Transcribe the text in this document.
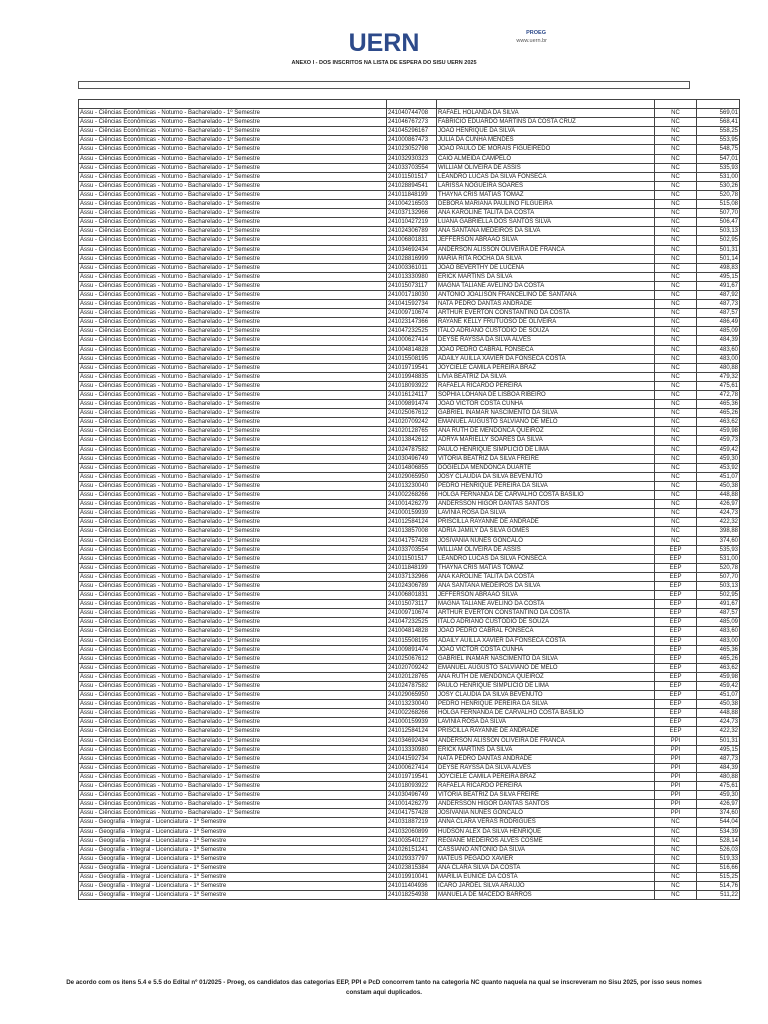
UERN	PROEG
www.uern.br
ANEXO I - DOS INSCRITOS NA LISTA DE ESPERA DO SISU UERN 2025

Assu - Ciências Econômicas - Noturno - Bacharelado - 1º Semestre	241040744708	RAFAEL HOLANDA DA SILVA	NC	569,01
Assu - Ciências Econômicas - Noturno - Bacharelado - 1º Semestre	241046767273	FABRICIO EDUARDO MARTINS DA COSTA CRUZ	NC	568,41
Assu - Ciências Econômicas - Noturno - Bacharelado - 1º Semestre	241045296167	JOAO HENRIQUE DA SILVA	NC	558,25
Assu - Ciências Econômicas - Noturno - Bacharelado - 1º Semestre	241000867473	JULIA DA CUNHA MENDES	NC	553,95
Assu - Ciências Econômicas - Noturno - Bacharelado - 1º Semestre	241023052798	JOAO PAULO DE MORAIS FIGUEIREDO	NC	548,75
Assu - Ciências Econômicas - Noturno - Bacharelado - 1º Semestre	241032930323	CAIO ALMEIDA CAMPELO	NC	547,01
Assu - Ciências Econômicas - Noturno - Bacharelado - 1º Semestre	241033703554	WILLIAM OLIVEIRA DE ASSIS	NC	535,93
Assu - Ciências Econômicas - Noturno - Bacharelado - 1º Semestre	241011501517	LEANDRO LUCAS DA SILVA FONSECA	NC	531,00
Assu - Ciências Econômicas - Noturno - Bacharelado - 1º Semestre	241028894541	LARISSA NOGUEIRA SOARES	NC	530,26
Assu - Ciências Econômicas - Noturno - Bacharelado - 1º Semestre	241011848199	THAYNA CRIS MATIAS TOMAZ	NC	520,78
Assu - Ciências Econômicas - Noturno - Bacharelado - 1º Semestre	241004216503	DEBORA MARIANA PAULINO FILGUEIRA	NC	515,08
Assu - Ciências Econômicas - Noturno - Bacharelado - 1º Semestre	241037132966	ANA KAROLINE TALITA DA COSTA	NC	507,70
Assu - Ciências Econômicas - Noturno - Bacharelado - 1º Semestre	241010427219	LUANA GABRIELLA DOS SANTOS SILVA	NC	506,47
Assu - Ciências Econômicas - Noturno - Bacharelado - 1º Semestre	241024306789	ANA SANTANA MEDEIROS DA SILVA	NC	503,13
Assu - Ciências Econômicas - Noturno - Bacharelado - 1º Semestre	241006801831	JEFFERSON ABRAAO SILVA	NC	502,95
Assu - Ciências Econômicas - Noturno - Bacharelado - 1º Semestre	241034692434	ANDERSON ALISSON OLIVEIRA DE FRANCA	NC	501,31
Assu - Ciências Econômicas - Noturno - Bacharelado - 1º Semestre	241028816999	MARIA RITA ROCHA DA SILVA	NC	501,14
Assu - Ciências Econômicas - Noturno - Bacharelado - 1º Semestre	241003361011	JOAO BEVERTHY DE LUCENA	NC	498,83
Assu - Ciências Econômicas - Noturno - Bacharelado - 1º Semestre	241013330980	ERICK MARTINS DA SILVA	NC	495,15
Assu - Ciências Econômicas - Noturno - Bacharelado - 1º Semestre	241015073117	MAGNA TALIANE AVELINO DA COSTA	NC	491,67
Assu - Ciências Econômicas - Noturno - Bacharelado - 1º Semestre	241001718030	ANTONIO JOALISON FRANCELINO DE SANTANA	NC	487,92
Assu - Ciências Econômicas - Noturno - Bacharelado - 1º Semestre	241041592734	NATA PEDRO DANTAS ANDRADE	NC	487,73
Assu - Ciências Econômicas - Noturno - Bacharelado - 1º Semestre	241009710674	ARTHUR EVERTON CONSTANTINO DA COSTA	NC	487,57
Assu - Ciências Econômicas - Noturno - Bacharelado - 1º Semestre	241023147366	RAYANE KELLY FRUTUOSO DE OLIVEIRA	NC	486,49
Assu - Ciências Econômicas - Noturno - Bacharelado - 1º Semestre	241047232525	ITALO ADRIANO CUSTODIO DE SOUZA	NC	485,09
Assu - Ciências Econômicas - Noturno - Bacharelado - 1º Semestre	241000627414	DEYSE RAYSSA DA SILVA ALVES	NC	484,39
Assu - Ciências Econômicas - Noturno - Bacharelado - 1º Semestre	241004814828	JOAO PEDRO CABRAL FONSECA	NC	483,60
Assu - Ciências Econômicas - Noturno - Bacharelado - 1º Semestre	241015508195	ADAILY AUILLA XAVIER DA FONSECA COSTA	NC	483,00
Assu - Ciências Econômicas - Noturno - Bacharelado - 1º Semestre	241019719541	JOYCIELE CAMILA PEREIRA BRAZ	NC	480,88
Assu - Ciências Econômicas - Noturno - Bacharelado - 1º Semestre	241019948835	LIVIA BEATRIZ DA SILVA	NC	479,32
Assu - Ciências Econômicas - Noturno - Bacharelado - 1º Semestre	241018093922	RAFAELA RICARDO PEREIRA	NC	475,61
Assu - Ciências Econômicas - Noturno - Bacharelado - 1º Semestre	241016124117	SOPHIA LOHANA DE LISBOA RIBEIRO	NC	472,78
Assu - Ciências Econômicas - Noturno - Bacharelado - 1º Semestre	241009891474	JOAO VICTOR COSTA CUNHA	NC	465,36
Assu - Ciências Econômicas - Noturno - Bacharelado - 1º Semestre	241025067612	GABRIEL INAMAR NASCIMENTO DA SILVA	NC	465,26
Assu - Ciências Econômicas - Noturno - Bacharelado - 1º Semestre	241020709242	EMANUEL AUGUSTO SALVIANO DE MELO	NC	463,62
Assu - Ciências Econômicas - Noturno - Bacharelado - 1º Semestre	241020128765	ANA RUTH DE MENDONCA QUEIROZ	NC	459,98
Assu - Ciências Econômicas - Noturno - Bacharelado - 1º Semestre	241013842612	ADRYA MARIELLY SOARES DA SILVA	NC	459,73
Assu - Ciências Econômicas - Noturno - Bacharelado - 1º Semestre	241024787582	PAULO HENRIQUE SIMPLICIO DE LIMA	NC	459,42
Assu - Ciências Econômicas - Noturno - Bacharelado - 1º Semestre	241030496749	VITORIA BEATRIZ DA SILVA FREIRE	NC	459,30
Assu - Ciências Econômicas - Noturno - Bacharelado - 1º Semestre	241014806855	DOGIELDA MENDONCA DUARTE	NC	453,92
Assu - Ciências Econômicas - Noturno - Bacharelado - 1º Semestre	241029065950	JOSY CLAUDIA DA SILVA BEVENUTO	NC	451,07
Assu - Ciências Econômicas - Noturno - Bacharelado - 1º Semestre	241013230040	PEDRO HENRIQUE PEREIRA DA SILVA	NC	450,38
Assu - Ciências Econômicas - Noturno - Bacharelado - 1º Semestre	241002268266	HOLGA FERNANDA DE CARVALHO COSTA BASILIO	NC	448,88
Assu - Ciências Econômicas - Noturno - Bacharelado - 1º Semestre	241001426279	ANDERSSON HIGOR DANTAS SANTOS	NC	426,97
Assu - Ciências Econômicas - Noturno - Bacharelado - 1º Semestre	241000159939	LAVINIA ROSA DA SILVA	NC	424,73
Assu - Ciências Econômicas - Noturno - Bacharelado - 1º Semestre	241012584124	PRISCILLA RAYANNE DE ANDRADE	NC	422,32
Assu - Ciências Econômicas - Noturno - Bacharelado - 1º Semestre	241013857008	ADRIA JAMILY DA SILVA GOMES	NC	398,88
Assu - Ciências Econômicas - Noturno - Bacharelado - 1º Semestre	241041757428	JOSIVANIA NUNES GONCALO	NC	374,60
Assu - Ciências Econômicas - Noturno - Bacharelado - 1º Semestre	241033703554	WILLIAM OLIVEIRA DE ASSIS	EEP	535,93
Assu - Ciências Econômicas - Noturno - Bacharelado - 1º Semestre	241011501517	LEANDRO LUCAS DA SILVA FONSECA	EEP	531,00
Assu - Ciências Econômicas - Noturno - Bacharelado - 1º Semestre	241011848199	THAYNA CRIS MATIAS TOMAZ	EEP	520,78
Assu - Ciências Econômicas - Noturno - Bacharelado - 1º Semestre	241037132966	ANA KAROLINE TALITA DA COSTA	EEP	507,70
Assu - Ciências Econômicas - Noturno - Bacharelado - 1º Semestre	241024306789	ANA SANTANA MEDEIROS DA SILVA	EEP	503,13
Assu - Ciências Econômicas - Noturno - Bacharelado - 1º Semestre	241006801831	JEFFERSON ABRAAO SILVA	EEP	502,95
Assu - Ciências Econômicas - Noturno - Bacharelado - 1º Semestre	241015073117	MAGNA TALIANE AVELINO DA COSTA	EEP	491,67
Assu - Ciências Econômicas - Noturno - Bacharelado - 1º Semestre	241009710674	ARTHUR EVERTON CONSTANTINO DA COSTA	EEP	487,57
Assu - Ciências Econômicas - Noturno - Bacharelado - 1º Semestre	241047232525	ITALO ADRIANO CUSTODIO DE SOUZA	EEP	485,09
Assu - Ciências Econômicas - Noturno - Bacharelado - 1º Semestre	241004814828	JOAO PEDRO CABRAL FONSECA	EEP	483,60
Assu - Ciências Econômicas - Noturno - Bacharelado - 1º Semestre	241015508195	ADAILY AUILLA XAVIER DA FONSECA COSTA	EEP	483,00
Assu - Ciências Econômicas - Noturno - Bacharelado - 1º Semestre	241009891474	JOAO VICTOR COSTA CUNHA	EEP	465,36
Assu - Ciências Econômicas - Noturno - Bacharelado - 1º Semestre	241025067612	GABRIEL INAMAR NASCIMENTO DA SILVA	EEP	465,26
Assu - Ciências Econômicas - Noturno - Bacharelado - 1º Semestre	241020709242	EMANUEL AUGUSTO SALVIANO DE MELO	EEP	463,62
Assu - Ciências Econômicas - Noturno - Bacharelado - 1º Semestre	241020128765	ANA RUTH DE MENDONCA QUEIROZ	EEP	459,98
Assu - Ciências Econômicas - Noturno - Bacharelado - 1º Semestre	241024787582	PAULO HENRIQUE SIMPLICIO DE LIMA	EEP	459,42
Assu - Ciências Econômicas - Noturno - Bacharelado - 1º Semestre	241029065950	JOSY CLAUDIA DA SILVA BEVENUTO	EEP	451,07
Assu - Ciências Econômicas - Noturno - Bacharelado - 1º Semestre	241013230040	PEDRO HENRIQUE PEREIRA DA SILVA	EEP	450,38
Assu - Ciências Econômicas - Noturno - Bacharelado - 1º Semestre	241002268266	HOLGA FERNANDA DE CARVALHO COSTA BASILIO	EEP	448,88
Assu - Ciências Econômicas - Noturno - Bacharelado - 1º Semestre	241000159939	LAVINIA ROSA DA SILVA	EEP	424,73
Assu - Ciências Econômicas - Noturno - Bacharelado - 1º Semestre	241012584124	PRISCILLA RAYANNE DE ANDRADE	EEP	422,32
Assu - Ciências Econômicas - Noturno - Bacharelado - 1º Semestre	241034692434	ANDERSON ALISSON OLIVEIRA DE FRANCA	PPI	501,31
Assu - Ciências Econômicas - Noturno - Bacharelado - 1º Semestre	241013330980	ERICK MARTINS DA SILVA	PPI	495,15
Assu - Ciências Econômicas - Noturno - Bacharelado - 1º Semestre	241041592734	NATA PEDRO DANTAS ANDRADE	PPI	487,73
Assu - Ciências Econômicas - Noturno - Bacharelado - 1º Semestre	241000627414	DEYSE RAYSSA DA SILVA ALVES	PPI	484,39
Assu - Ciências Econômicas - Noturno - Bacharelado - 1º Semestre	241019719541	JOYCIELE CAMILA PEREIRA BRAZ	PPI	480,88
Assu - Ciências Econômicas - Noturno - Bacharelado - 1º Semestre	241018093922	RAFAELA RICARDO PEREIRA	PPI	475,61
Assu - Ciências Econômicas - Noturno - Bacharelado - 1º Semestre	241030496749	VITORIA BEATRIZ DA SILVA FREIRE	PPI	459,30
Assu - Ciências Econômicas - Noturno - Bacharelado - 1º Semestre	241001426279	ANDERSSON HIGOR DANTAS SANTOS	PPI	426,97
Assu - Ciências Econômicas - Noturno - Bacharelado - 1º Semestre	241041757428	JOSIVANIA NUNES GONCALO	PPI	374,60
Assu - Geografia - Integral - Licenciatura - 1º Semestre	241031887219	ANNA CLARA VERAS RODRIGUES	NC	544,04
Assu - Geografia - Integral - Licenciatura - 1º Semestre	241032060899	HUDSON ALEX DA SILVA HENRIQUE	NC	534,39
Assu - Geografia - Integral - Licenciatura - 1º Semestre	241003540127	REGIANE MEDEIROS ALVES COSME	NC	528,14
Assu - Geografia - Integral - Licenciatura - 1º Semestre	241026151241	CASSIANO ANTONIO DA SILVA	NC	526,03
Assu - Geografia - Integral - Licenciatura - 1º Semestre	241029337797	MATEUS PEGADO XAVIER	NC	519,33
Assu - Geografia - Integral - Licenciatura - 1º Semestre	241023815384	ANA CLARA SILVA DA COSTA	NC	516,66
Assu - Geografia - Integral - Licenciatura - 1º Semestre	241019910041	MARILIA EUNICE DA COSTA	NC	515,25
Assu - Geografia - Integral - Licenciatura - 1º Semestre	241011404936	ICARO JARDEL SILVA ARAUJO	NC	514,76
Assu - Geografia - Integral - Licenciatura - 1º Semestre	241018254938	MANUELA DE MACEDO BARROS	NC	511,22
De acordo com os itens 5.4 e 5.5 do Edital nº 01/2025 - Proeg, os candidatos das categorias EEP, PPI e PcD concorrem tanto na categoria NC quanto naquela na qual se inscreveram no Sisu 2025, por isso seus nomes
constam aqui duplicados.
